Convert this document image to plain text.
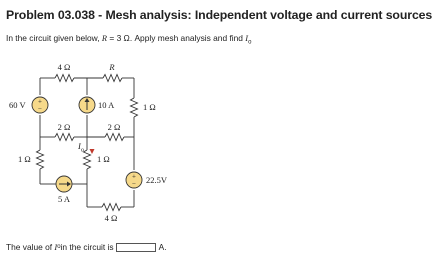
Problem 03.038 - Mesh analysis: Independent voltage and current sources
In the circuit given below, R = 3 Ω. Apply mesh analysis and find $I_o$
+
−
+
−
4 Ω	R
60 V	10 A	1 Ω
2 Ω	2 Ω
$I_o$
1 Ω	1 Ω
22.5V
4 Ω
5 A
The value of
I o in the circuit is	A.
